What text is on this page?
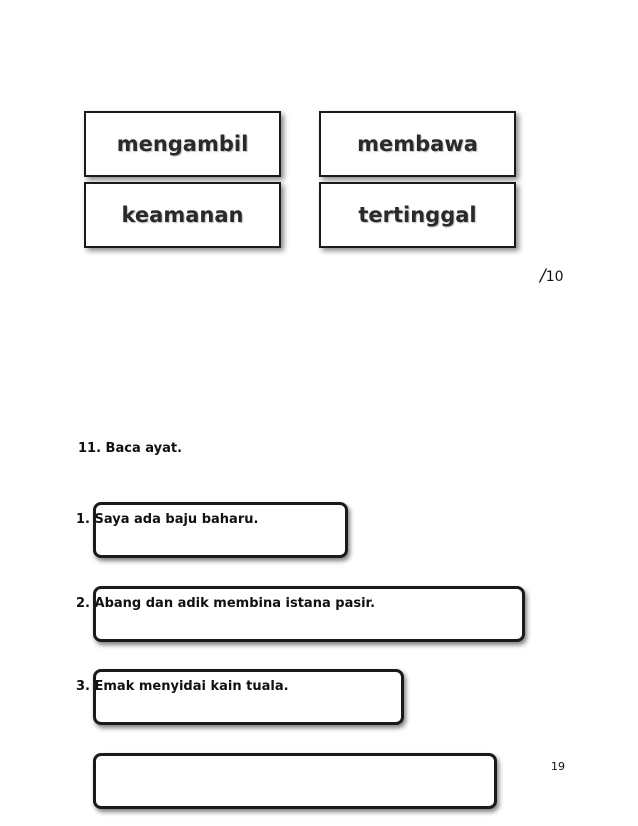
mengambil	membawa
keamanan	tertinggal
/10
11. Baca ayat.
1. Saya ada baju baharu.
2. Abang dan adik membina istana pasir.
3. Emak menyidai kain tuala.
19
